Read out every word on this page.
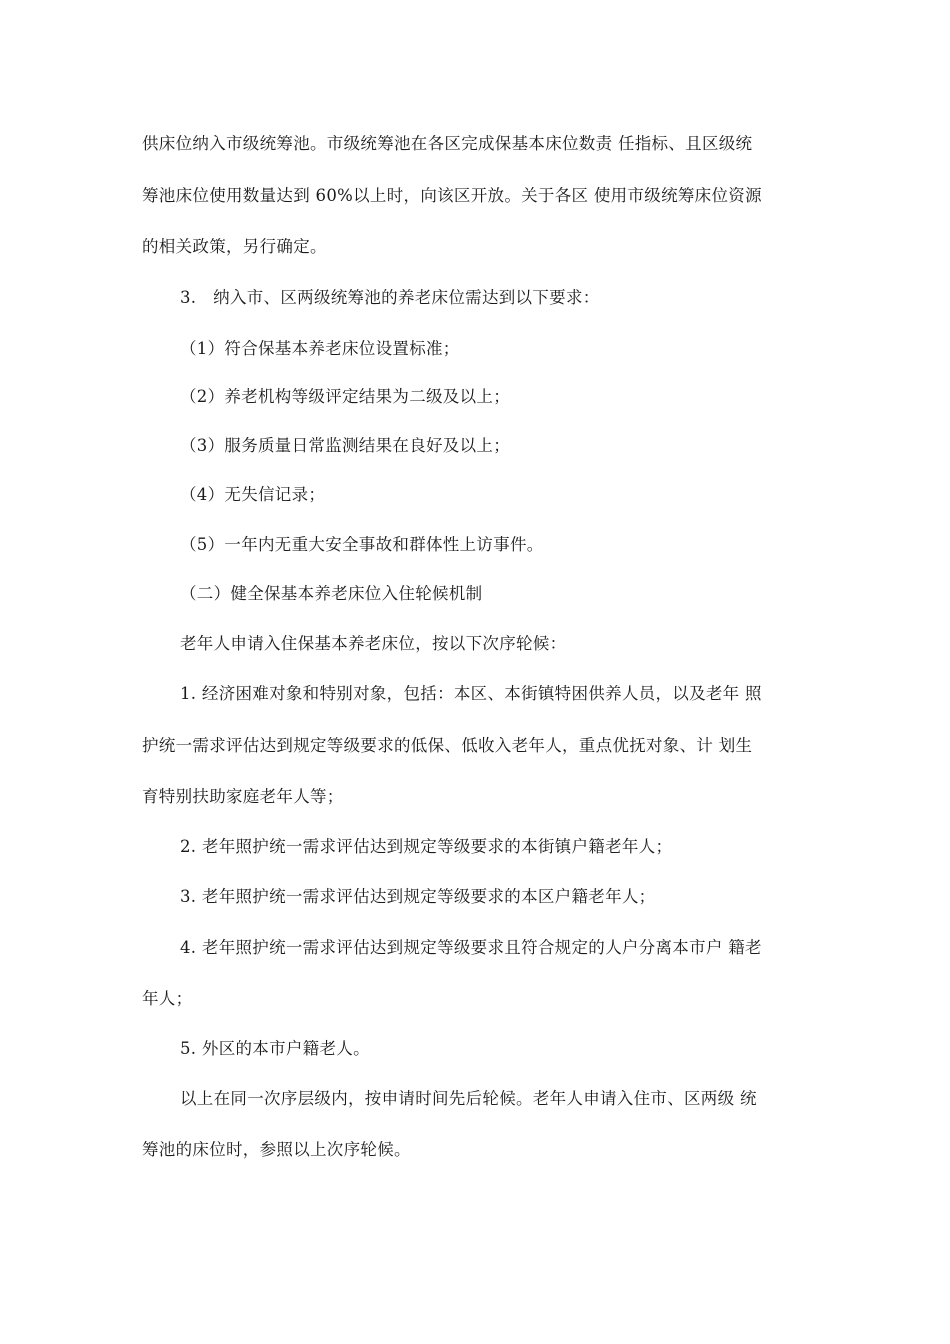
供床位纳入市级统筹池。市级统筹池在各区完成保基本床位数责 任指标、且区级统
筹池床位使用数量达到 60%以上时，向该区开放。关于各区 使用市级统筹床位资源
的相关政策，另行确定。
3.　纳入市、区两级统筹池的养老床位需达到以下要求：
（1）符合保基本养老床位设置标准；
（2）养老机构等级评定结果为二级及以上；
（3）服务质量日常监测结果在良好及以上；
（4）无失信记录；
（5）一年内无重大安全事故和群体性上访事件。
（二）健全保基本养老床位入住轮候机制
老年人申请入住保基本养老床位，按以下次序轮候：
1. 经济困难对象和特别对象，包括：本区、本街镇特困供养人员，以及老年 照
护统一需求评估达到规定等级要求的低保、低收入老年人，重点优抚对象、计 划生
育特别扶助家庭老年人等；
2. 老年照护统一需求评估达到规定等级要求的本街镇户籍老年人；
3. 老年照护统一需求评估达到规定等级要求的本区户籍老年人；
4. 老年照护统一需求评估达到规定等级要求且符合规定的人户分离本市户 籍老
年人；
5. 外区的本市户籍老人。
以上在同一次序层级内，按申请时间先后轮候。老年人申请入住市、区两级 统
筹池的床位时，参照以上次序轮候。
